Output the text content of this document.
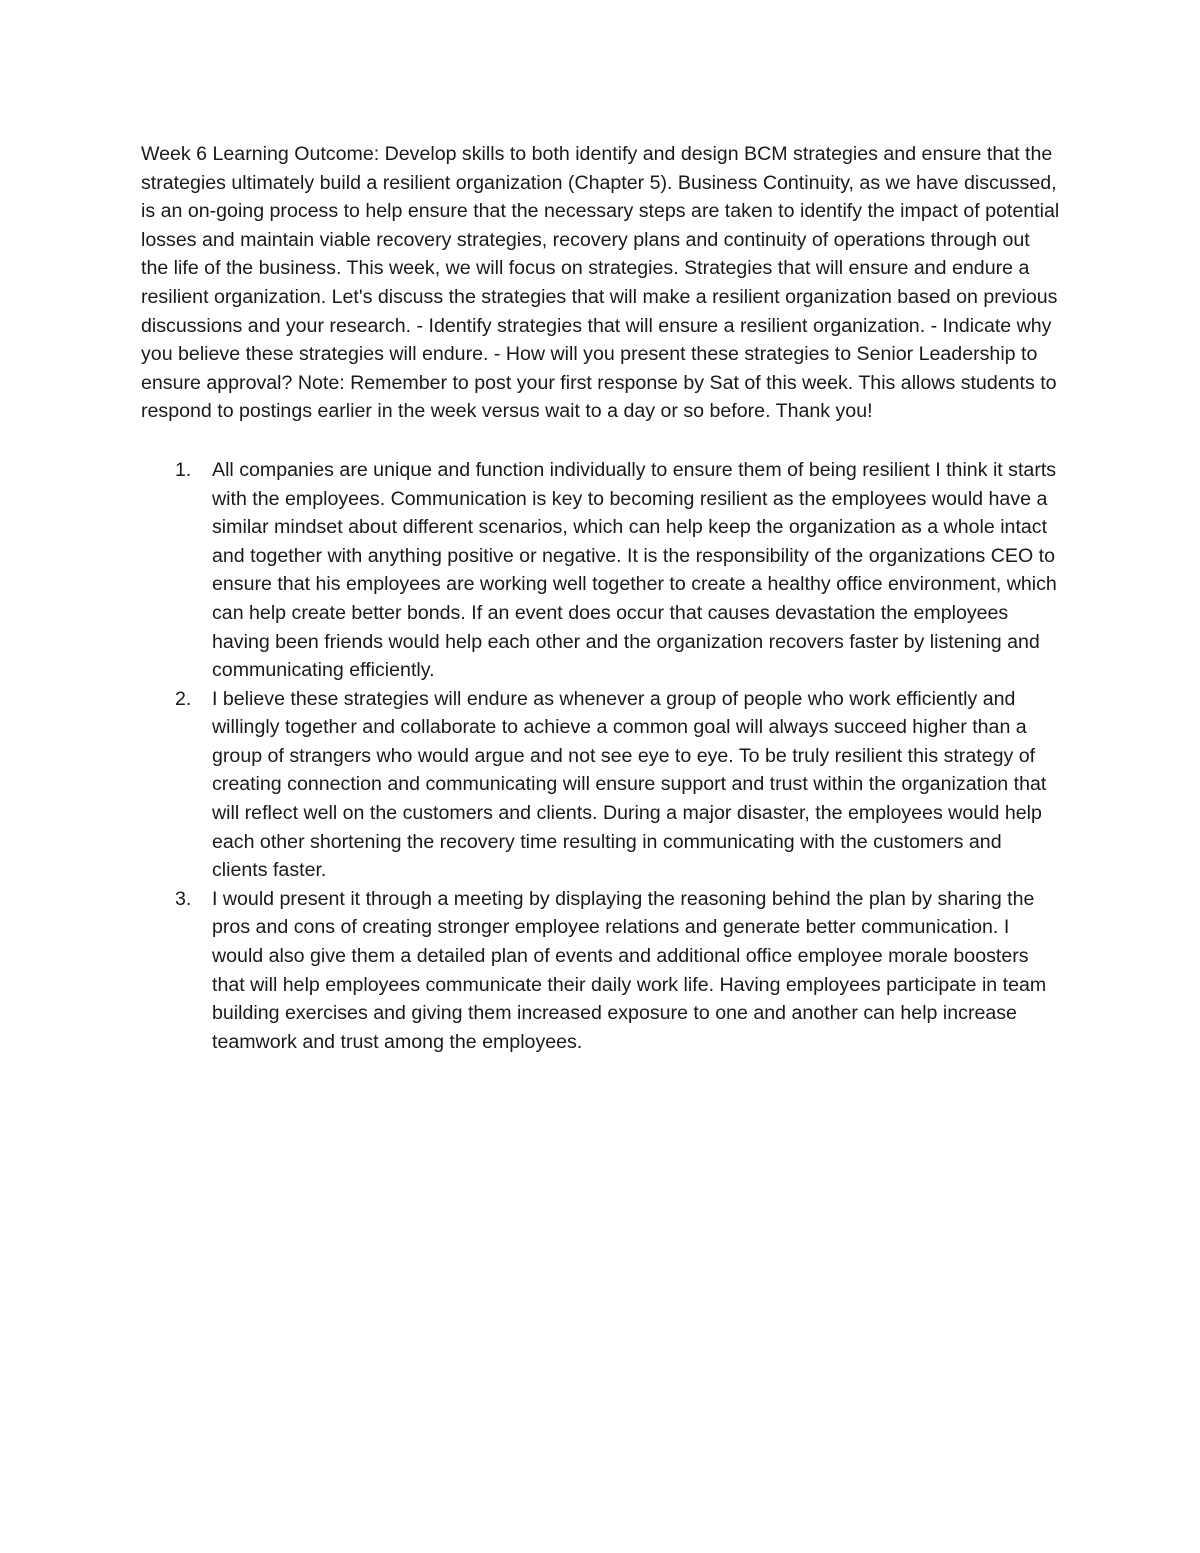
Week 6 Learning Outcome: Develop skills to both identify and design BCM strategies and ensure that the strategies ultimately build a resilient organization (Chapter 5). Business Continuity, as we have discussed, is an on-going process to help ensure that the necessary steps are taken to identify the impact of potential losses and maintain viable recovery strategies, recovery plans and continuity of operations through out the life of the business. This week, we will focus on strategies. Strategies that will ensure and endure a resilient organization. Let's discuss the strategies that will make a resilient organization based on previous discussions and your research. - Identify strategies that will ensure a resilient organization. - Indicate why you believe these strategies will endure. - How will you present these strategies to Senior Leadership to ensure approval? Note: Remember to post your first response by Sat of this week. This allows students to respond to postings earlier in the week versus wait to a day or so before. Thank you!

1. All companies are unique and function individually to ensure them of being resilient I think it starts with the employees. Communication is key to becoming resilient as the employees would have a similar mindset about different scenarios, which can help keep the organization as a whole intact and together with anything positive or negative. It is the responsibility of the organizations CEO to ensure that his employees are working well together to create a healthy office environment, which can help create better bonds. If an event does occur that causes devastation the employees having been friends would help each other and the organization recovers faster by listening and communicating efficiently.
2. I believe these strategies will endure as whenever a group of people who work efficiently and willingly together and collaborate to achieve a common goal will always succeed higher than a group of strangers who would argue and not see eye to eye. To be truly resilient this strategy of creating connection and communicating will ensure support and trust within the organization that will reflect well on the customers and clients. During a major disaster, the employees would help each other shortening the recovery time resulting in communicating with the customers and clients faster.
3. I would present it through a meeting by displaying the reasoning behind the plan by sharing the pros and cons of creating stronger employee relations and generate better communication. I would also give them a detailed plan of events and additional office employee morale boosters that will help employees communicate their daily work life. Having employees participate in team building exercises and giving them increased exposure to one and another can help increase teamwork and trust among the employees.
